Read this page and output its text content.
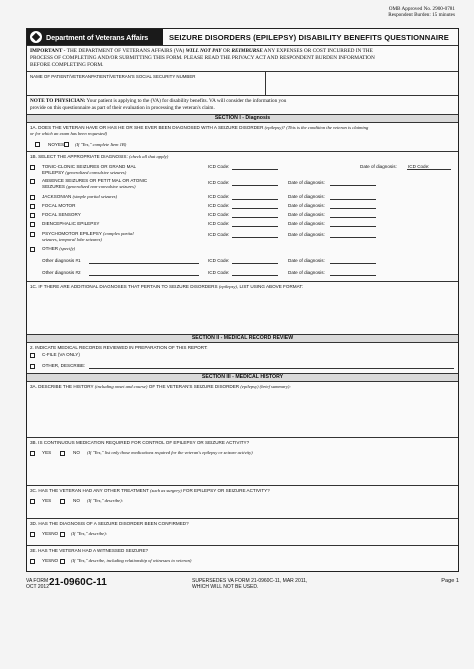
OMB Approved No. 2900-0781
Respondent Burden: 15 minutes
Department of Veterans Affairs	SEIZURE DISORDERS (EPILEPSY) DISABILITY BENEFITS QUESTIONNAIRE
IMPORTANT - THE DEPARTMENT OF VETERANS AFFAIRS (VA) WILL NOT PAY OR REIMBURSE ANY EXPENSES OR COST INCURRED IN THE
PROCESS OF COMPLETING AND/OR SUBMITTING THIS FORM. PLEASE READ THE PRIVACY ACT AND RESPONDENT BURDEN INFORMATION
BEFORE COMPLETING FORM.
NAME OF PATIENT/VETERANPATIENT/VETERAN'S SOCIAL SECURITY NUMBER
NOTE TO PHYSICIAN: Your patient is applying to the (VA) for disability benefits. VA will consider the information you
provide on this questionnaire as part of their evaluation in processing the veteran's claim.
SECTION I - Diagnosis
1A. DOES THE VETERAN HAVE OR HAS HE OR SHE EVER BEEN DIAGNOSED WITH A SEIZURE DISORDER (epilepsy)? (This is the condition the veteran is claiming
or for which an exam has been requested)
NOYES (If "Yes," complete Item 1B)
1B. SELECT THE APPROPRIATE DIAGNOSIS: (check all that apply)
TONIC-CLONIC SEIZURES OR GRAND MAL
EPILEPSY (generalized convulsive seizures)
ICD Code:	Date of diagnosis: ICD Code:
ABSENCE SEIZURES OR PETIT MAL OR ATONIC
SEIZURES (generalized non-convulsive seizures)
ICD Code:	Date of diagnosis:
JACKSONIAN (simple partial seizures)	ICD Code:	Date of diagnosis:
FOCAL MOTOR	ICD Code:	Date of diagnosis:
FOCAL SENSORY	ICD Code:	Date of diagnosis:
DIENCEPHALIC EPILEPSY	ICD Code:	Date of diagnosis:
PSYCHOMOTOR EPILEPSY (complex partial
seizures, temporal lobe seizures)
ICD Code:	Date of diagnosis:
OTHER (specify)
Other diagnosis #1	ICD Code:	Date of diagnosis:
Other diagnosis #2	ICD Code:	Date of diagnosis:
1C. IF THERE ARE ADDITIONAL DIAGNOSES THAT PERTAIN TO SEIZURE DISORDERS (epilepsy), LIST USING ABOVE FORMAT:
SECTION II - MEDICAL RECORD REVIEW
2. INDICATE MEDICAL RECORDS REVIEWED IN PREPARATION OF THIS REPORT:
C-FILE (VA ONLY)
OTHER, DESCRIBE:
SECTION III - MEDICAL HISTORY
3A. DESCRIBE THE HISTORY (including onset and course) OF THE VETERAN'S SEIZURE DISORDER (epilepsy) (brief summary):
3B. IS CONTINUOUS MEDICATION REQUIRED FOR CONTROL OF EPILEPSY OR SEIZURE ACTIVITY?
YES	NO (If "Yes," list only those medications required for the veteran's epilepsy or seizure activity)
3C. HAS THE VETERAN HAD ANY OTHER TREATMENT (such as surgery) FOR EPILEPSY OR SEIZURE ACTIVITY?
YES	NO (If "Yes," describe):
3D. HAS THE DIAGNOSIS OF A SEIZURE DISORDER BEEN CONFIRMED?
YESNO	(If "Yes," describe):
3E. HAS THE VETERAN HAD A WITNESSED SEIZURE?
YESNO	(If "Yes," describe, including relationship of witnesses to veteran)
VA FORM
OCT 2012 21-0960C-11	SUPERSEDES VA FORM 21-0960C-11, MAR 2011,
WHICH WILL NOT BE USED.
Page 1
